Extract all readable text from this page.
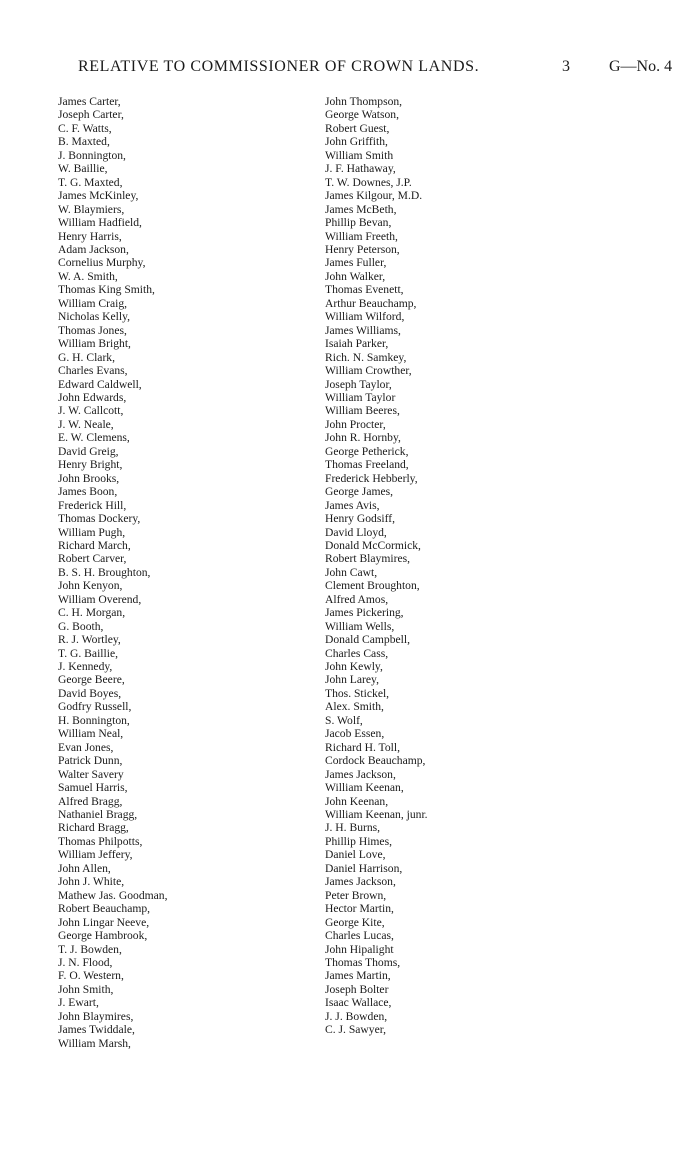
RELATIVE TO COMMISSIONER OF CROWN LANDS.	3 G—No. 4
James Carter,
Joseph Carter,
C. F. Watts,
B. Maxted,
J. Bonnington,
W. Baillie,
T. G. Maxted,
James McKinley,
W. Blaymiers,
William Hadfield,
Henry Harris,
Adam Jackson,
Cornelius Murphy,
W. A. Smith,
Thomas King Smith,
William Craig,
Nicholas Kelly,
Thomas Jones,
William Bright,
G. H. Clark,
Charles Evans,
Edward Caldwell,
John Edwards,
J. W. Callcott,
J. W. Neale,
E. W. Clemens,
David Greig,
Henry Bright,
John Brooks,
James Boon,
Frederick Hill,
Thomas Dockery,
William Pugh,
Richard March,
Robert Carver,
B. S. H. Broughton,
John Kenyon,
William Overend,
C. H. Morgan,
G. Booth,
R. J. Wortley,
T. G. Baillie,
J. Kennedy,
George Beere,
David Boyes,
Godfry Russell,
H. Bonnington,
William Neal,
Evan Jones,
Patrick Dunn,
Walter Savery
Samuel Harris,
Alfred Bragg,
Nathaniel Bragg,
Richard Bragg,
Thomas Philpotts,
William Jeffery,
John Allen,
John J. White,
Mathew Jas. Goodman,
Robert Beauchamp,
John Lingar Neeve,
George Hambrook,
T. J. Bowden,
J. N. Flood,
F. O. Western,
John Smith,
J. Ewart,
John Blaymires,
James Twiddale,
William Marsh,
John Thompson,
George Watson,
Robert Guest,
John Griffith,
William Smith
J. F. Hathaway,
T. W. Downes, J.P.
James Kilgour, M.D.
James McBeth,
Phillip Bevan,
William Freeth,
Henry Peterson,
James Fuller,
John Walker,
Thomas Evenett,
Arthur Beauchamp,
William Wilford,
James Williams,
Isaiah Parker,
Rich. N. Samkey,
William Crowther,
Joseph Taylor,
William Taylor
William Beeres,
John Procter,
John R. Hornby,
George Petherick,
Thomas Freeland,
Frederick Hebberly,
George James,
James Avis,
Henry Godsiff,
David Lloyd,
Donald McCormick,
Robert Blaymires,
John Cawt,
Clement Broughton,
Alfred Amos,
James Pickering,
William Wells,
Donald Campbell,
Charles Cass,
John Kewly,
John Larey,
Thos. Stickel,
Alex. Smith,
S. Wolf,
Jacob Essen,
Richard H. Toll,
Cordock Beauchamp,
James Jackson,
William Keenan,
John Keenan,
William Keenan, junr.
J. H. Burns,
Phillip Himes,
Daniel Love,
Daniel Harrison,
James Jackson,
Peter Brown,
Hector Martin,
George Kite,
Charles Lucas,
John Hipalight
Thomas Thoms,
James Martin,
Joseph Bolter
Isaac Wallace,
J. J. Bowden,
C. J. Sawyer,
